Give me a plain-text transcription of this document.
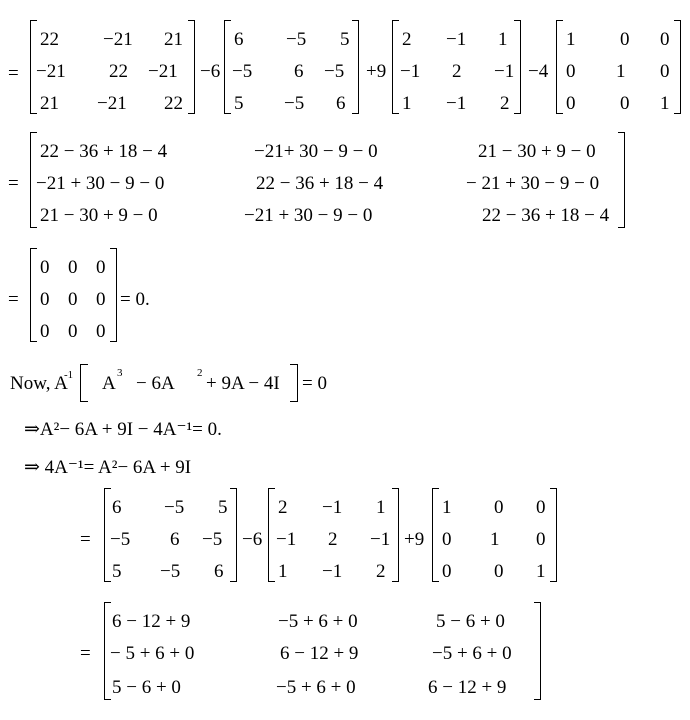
=
22 −21 21
−21 22 −21
21 −21 22
−6
6 −5 5
−5 6 −5
5 −5 6
+9
2 −1 1
−1 2 −1
1 −1 2
−4
1 0 0
0 1 0
0 0 1
=
22 − 36 + 18 − 4	−21+ 30 − 9 − 0	21 − 30 + 9 − 0
−21 + 30 − 9 − 0	22 − 36 + 18 − 4	− 21 + 30 − 9 − 0
21 − 30 + 9 − 0	−21 + 30 − 9 − 0	22 − 36 + 18 − 4
=
0 0 0
0 0 0
0 0 0
= 0.
Now, A
-1 A 3 − 6A 2 + 9A − 4I = 0
⇒A²− 6A + 9I − 4A⁻¹= 0.
⇒ 4A⁻¹= A²− 6A + 9I
=
6 −5 5
−5 6 −5
5 −5 6
−6
2 −1 1
−1 2 −1
1 −1 2
+9
1 0 0
0 1 0
0 0 1
=
6 − 12 + 9	−5 + 6 + 0	5 − 6 + 0
− 5 + 6 + 0	6 − 12 + 9	−5 + 6 + 0
5 − 6 + 0	−5 + 6 + 0	6 − 12 + 9
